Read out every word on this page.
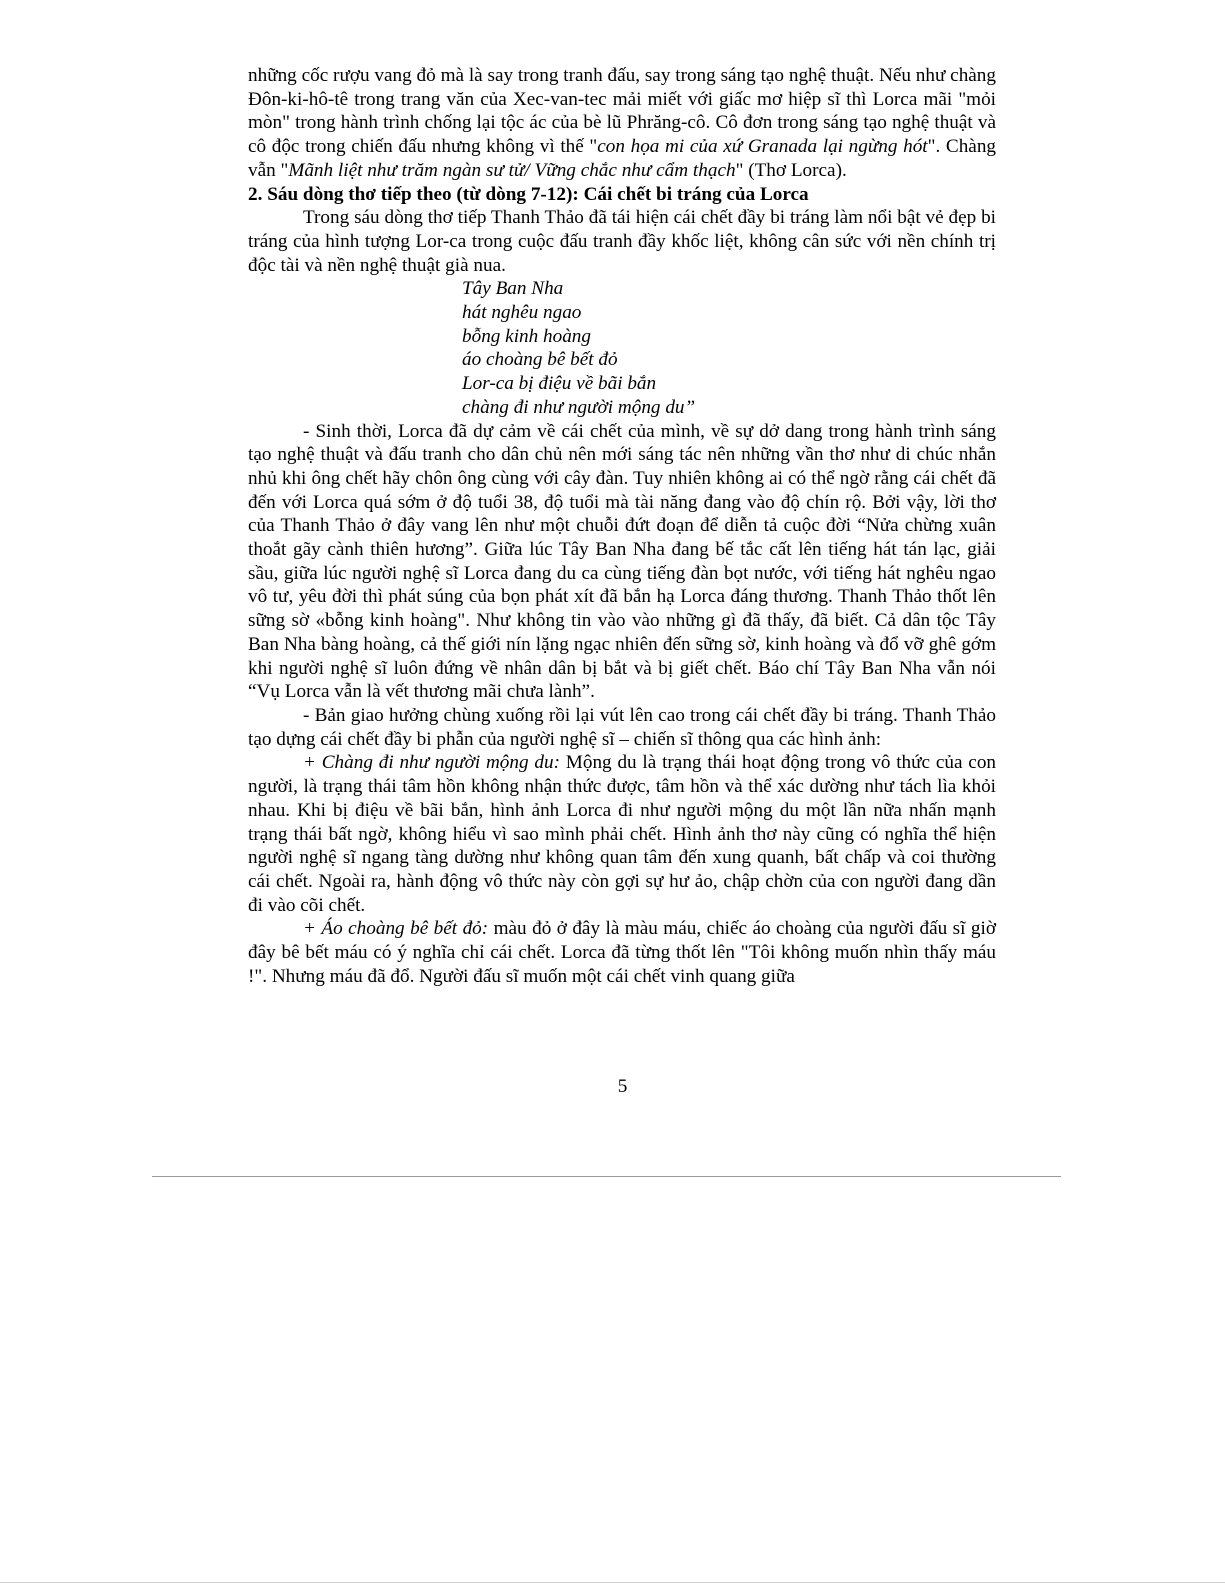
những cốc rượu vang đỏ mà là say trong tranh đấu, say trong sáng tạo nghệ thuật. Nếu như chàng Đôn-ki-hô-tê trong trang văn của Xec-van-tec mải miết với giấc mơ hiệp sĩ thì Lorca mãi "mỏi mòn" trong hành trình chống lại tộc ác của bè lũ Phrăng-cô. Cô đơn trong sáng tạo nghệ thuật và cô độc trong chiến đấu nhưng không vì thế "con họa mi của xứ Granada lại ngừng hót". Chàng vẫn "Mãnh liệt như trăm ngàn sư tử/ Vững chắc như cẩm thạch" (Thơ Lorca).

2. Sáu dòng thơ tiếp theo (từ dòng 7-12): Cái chết bi tráng của Lorca

Trong sáu dòng thơ tiếp Thanh Thảo đã tái hiện cái chết đầy bi tráng làm nổi bật vẻ đẹp bi tráng của hình tượng Lor-ca trong cuộc đấu tranh đầy khốc liệt, không cân sức với nền chính trị độc tài và nền nghệ thuật già nua.

Tây Ban Nha
hát nghêu ngao
bỗng kinh hoàng
áo choàng bê bết đỏ
Lor-ca bị điệu về bãi bắn
chàng đi như người mộng du”

- Sinh thời, Lorca đã dự cảm về cái chết của mình, về sự dở dang trong hành trình sáng tạo nghệ thuật và đấu tranh cho dân chủ nên mới sáng tác nên những vần thơ như di chúc nhắn nhủ khi ông chết hãy chôn ông cùng với cây đàn. Tuy nhiên không ai có thể ngờ rằng cái chết đã đến với Lorca quá sớm ở độ tuổi 38, độ tuổi mà tài năng đang vào độ chín rộ. Bởi vậy, lời thơ của Thanh Thảo ở đây vang lên như một chuỗi đứt đoạn để diễn tả cuộc đời “Nửa chừng xuân thoắt gãy cành thiên hương”. Giữa lúc Tây Ban Nha đang bế tắc cất lên tiếng hát tán lạc, giải sầu, giữa lúc người nghệ sĩ Lorca đang du ca cùng tiếng đàn bọt nước, với tiếng hát nghêu ngao vô tư, yêu đời thì phát súng của bọn phát xít đã bắn hạ Lorca đáng thương. Thanh Thảo thốt lên sững sờ «bỗng kinh hoàng". Như không tin vào vào những gì đã thấy, đã biết. Cả dân tộc Tây Ban Nha bàng hoàng, cả thế giới nín lặng ngạc nhiên đến sững sờ, kinh hoàng và đổ vỡ ghê gớm khi người nghệ sĩ luôn đứng về nhân dân bị bắt và bị giết chết. Báo chí Tây Ban Nha vẫn nói “Vụ Lorca vẫn là vết thương mãi chưa lành”.

- Bản giao hưởng chùng xuống rồi lại vút lên cao trong cái chết đầy bi tráng. Thanh Thảo tạo dựng cái chết đầy bi phẫn của người nghệ sĩ – chiến sĩ thông qua các hình ảnh:

+ Chàng đi như người mộng du: Mộng du là trạng thái hoạt động trong vô thức của con người, là trạng thái tâm hồn không nhận thức được, tâm hồn và thể xác dường như tách lìa khỏi nhau. Khi bị điệu về bãi bắn, hình ảnh Lorca đi như người mộng du một lần nữa nhấn mạnh trạng thái bất ngờ, không hiểu vì sao mình phải chết. Hình ảnh thơ này cũng có nghĩa thể hiện người nghệ sĩ ngang tàng dường như không quan tâm đến xung quanh, bất chấp và coi thường cái chết. Ngoài ra, hành động vô thức này còn gợi sự hư ảo, chập chờn của con người đang dần đi vào cõi chết.

+ Áo choàng bê bết đỏ: màu đỏ ở đây là màu máu, chiếc áo choàng của người đấu sĩ giờ đây bê bết máu có ý nghĩa chỉ cái chết. Lorca đã từng thốt lên "Tôi không muốn nhìn thấy máu !". Nhưng máu đã đổ. Người đấu sĩ muốn một cái chết vinh quang giữa

5
